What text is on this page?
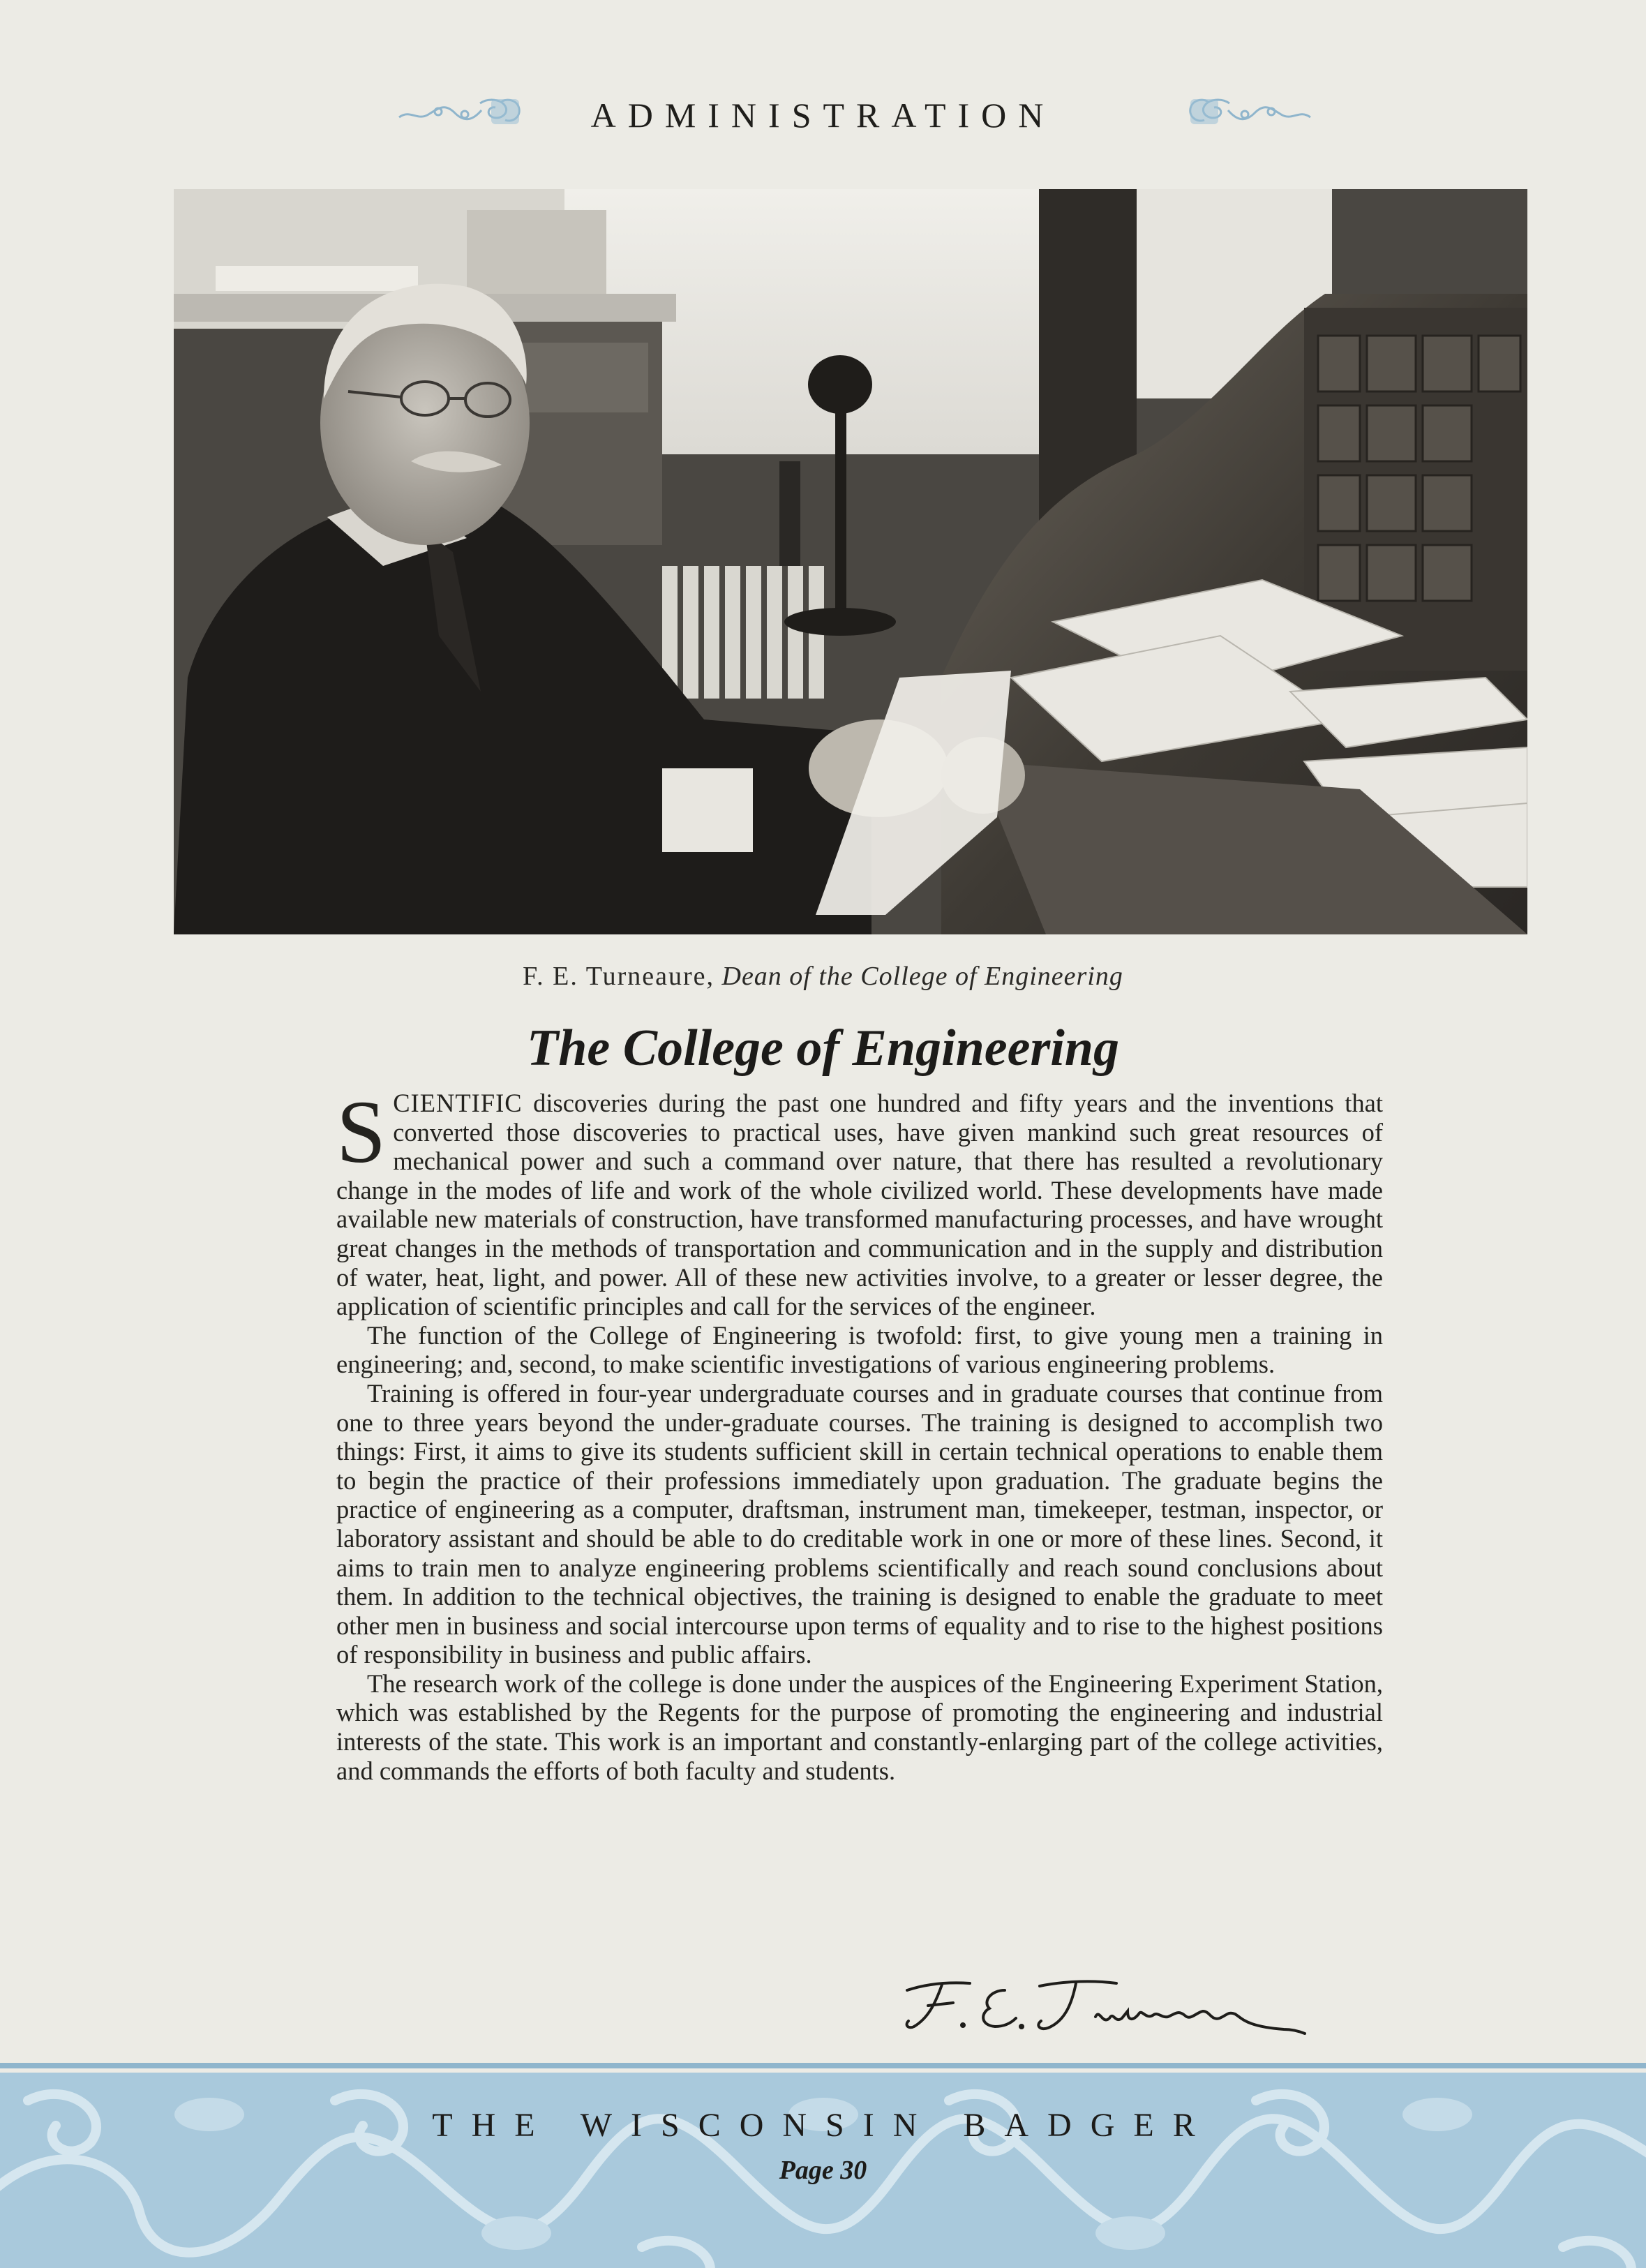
ADMINISTRATION
F. E. Turneaure, Dean of the College of Engineering
The College of Engineering

SCIENTIFIC discoveries during the past one hundred and fifty years and the inventions that converted those discoveries to practical uses, have given mankind such great resources of mechanical power and such a command over nature, that there has resulted a revolutionary change in the modes of life and work of the whole civilized world. These developments have made available new materials of construction, have transformed manufacturing processes, and have wrought great changes in the methods of transportation and communication and in the supply and distribution of water, heat, light, and power. All of these new activities involve, to a greater or lesser degree, the application of scientific principles and call for the services of the engineer.

The function of the College of Engineering is twofold: first, to give young men a training in engineering; and, second, to make scientific investigations of various engineering problems.

Training is offered in four-year undergraduate courses and in graduate courses that continue from one to three years beyond the under-graduate courses. The training is designed to accomplish two things: First, it aims to give its students sufficient skill in certain technical operations to enable them to begin the practice of their professions immediately upon graduation. The graduate begins the practice of engineering as a computer, draftsman, instrument man, timekeeper, testman, inspector, or laboratory assistant and should be able to do creditable work in one or more of these lines. Second, it aims to train men to analyze engineering problems scientifically and reach sound conclusions about them. In addition to the technical objectives, the training is designed to enable the graduate to meet other men in business and social intercourse upon terms of equality and to rise to the highest positions of responsibility in business and public affairs.

The research work of the college is done under the auspices of the Engineering Experiment Station, which was established by the Regents for the purpose of promoting the engineering and industrial interests of the state. This work is an important and constantly-enlarging part of the college activities, and commands the efforts of both faculty and students.

THE WISCONSIN BADGER
Page 30
